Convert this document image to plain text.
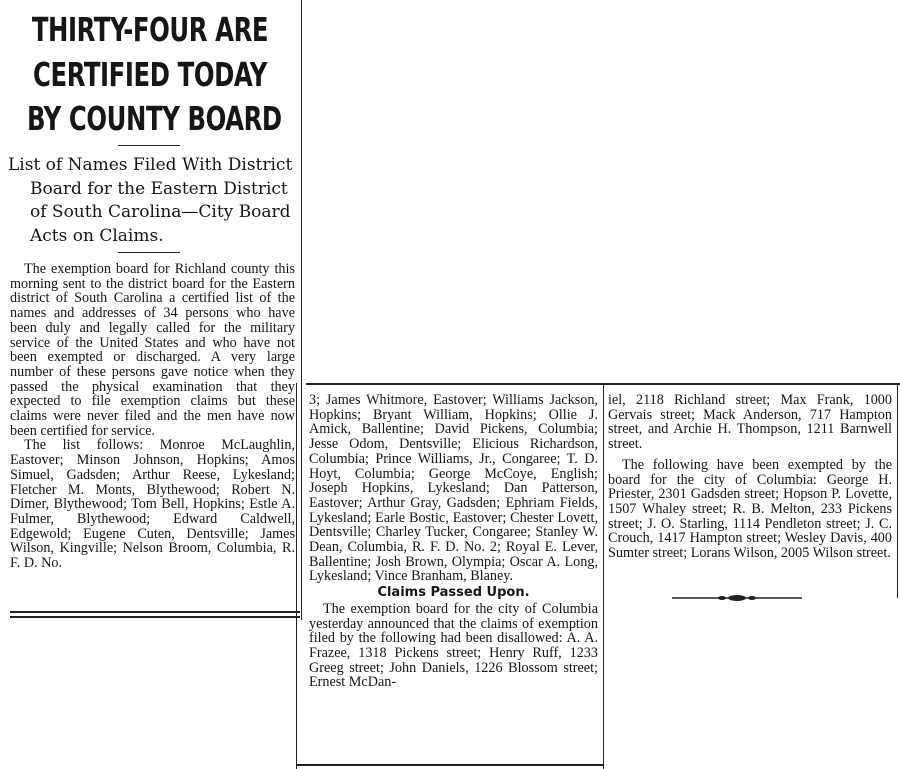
THIRTY-FOUR ARE
CERTIFIED TODAY
BY COUNTY BOARD
List of Names Filed With District
Board for the Eastern District
of South Carolina—City Board
Acts on Claims.

The exemption board for Richland county this morning sent to the district board for the Eastern district of South Carolina a certified list of the names and addresses of 34 persons who have been duly and legally called for the military service of the United States and who have not been exempted or discharged. A very large number of these persons gave notice when they passed the physical examination that they expected to file exemption claims but these claims were never filed and the men have now been certified for service.

The list follows: Monroe McLaughlin, Eastover; Minson Johnson, Hopkins; Amos Simuel, Gadsden; Arthur Reese, Lykesland; Fletcher M. Monts, Blythewood; Robert N. Dimer, Blythewood; Tom Bell, Hopkins; Estle A. Fulmer, Blythewood; Edward Caldwell, Edgewold; Eugene Cuten, Dentsville; James Wilson, Kingville; Nelson Broom, Columbia, R. F. D. No.

3; James Whitmore, Eastover; Williams Jackson, Hopkins; Bryant William, Hopkins; Ollie J. Amick, Ballentine; David Pickens, Columbia; Jesse Odom, Dentsville; Elicious Richardson, Columbia; Prince Williams, Jr., Congaree; T. D. Hoyt, Columbia; George McCoye, English; Joseph Hopkins, Lykesland; Dan Patterson, Eastover; Arthur Gray, Gadsden; Ephriam Fields, Lykesland; Earle Bostic, Eastover; Chester Lovett, Dentsville; Charley Tucker, Congaree; Stanley W. Dean, Columbia, R. F. D. No. 2; Royal E. Lever, Ballentine; Josh Brown, Olympia; Oscar A. Long, Lykesland; Vince Branham, Blaney.

Claims Passed Upon.

The exemption board for the city of Columbia yesterday announced that the claims of exemption filed by the following had been disallowed: A. A. Frazee, 1318 Pickens street; Henry Ruff, 1233 Greeg street; John Daniels, 1226 Blossom street; Ernest McDan-

iel, 2118 Richland street; Max Frank, 1000 Gervais street; Mack Anderson, 717 Hampton street, and Archie H. Thompson, 1211 Barnwell street.

The following have been exempted by the board for the city of Columbia: George H. Priester, 2301 Gadsden street; Hopson P. Lovette, 1507 Whaley street; R. B. Melton, 233 Pickens street; J. O. Starling, 1114 Pendleton street; J. C. Crouch, 1417 Hampton street; Wesley Davis, 400 Sumter street; Lorans Wilson, 2005 Wilson street.
